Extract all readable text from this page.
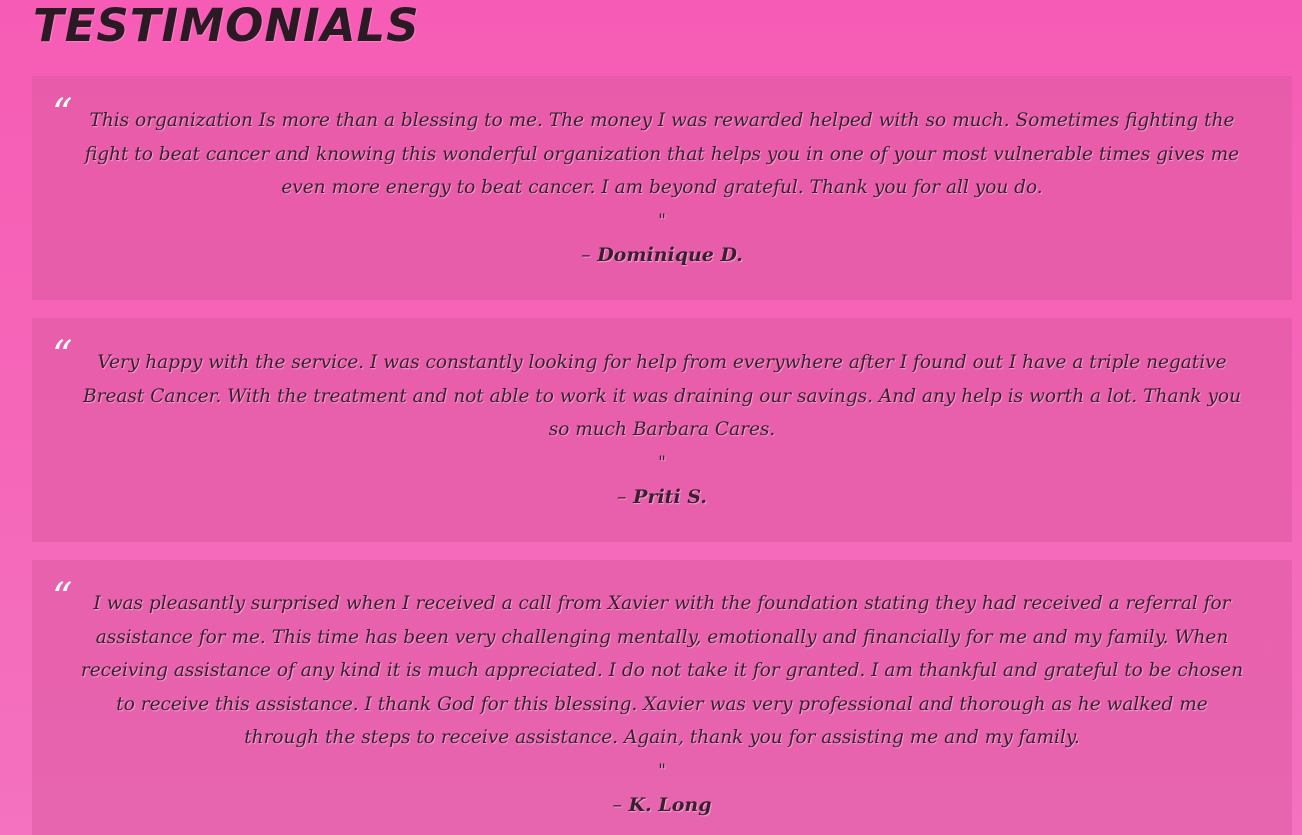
TESTIMONIALS
“ This organization Is more than a blessing to me. The money I was rewarded helped with so much. Sometimes fighting the fight to beat cancer and knowing this wonderful organization that helps you in one of your most vulnerable times gives me even more energy to beat cancer. I am beyond grateful. Thank you for all you do.

"
– Dominique D.
“	Very happy with the service. I was constantly looking for help from everywhere after I found out I have a triple negative Breast Cancer. With the treatment and not able to work it was draining our savings. And any help is worth a lot. Thank you so much Barbara Cares.

"
– Priti S.
“	I was pleasantly surprised when I received a call from Xavier with the foundation stating they had received a referral for assistance for me. This time has been very challenging mentally, emotionally and financially for me and my family. When receiving assistance of any kind it is much appreciated. I do not take it for granted. I am thankful and grateful to be chosen to receive this assistance. I thank God for this blessing. Xavier was very professional and thorough as he walked me through the steps to receive assistance. Again, thank you for assisting me and my family.

"
– K. Long
